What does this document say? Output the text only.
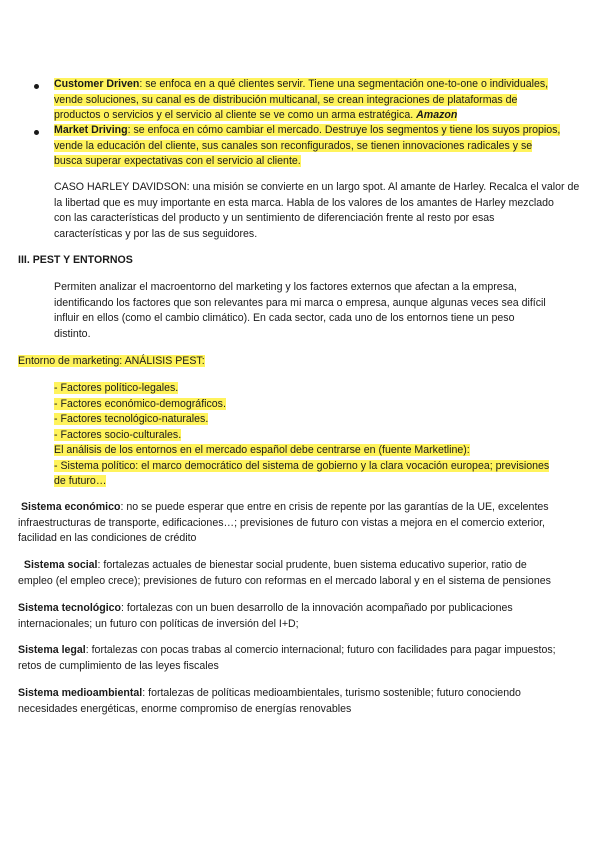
Customer Driven: se enfoca en a qué clientes servir. Tiene una segmentación one-to-one o individuales,
vende soluciones, su canal es de distribución multicanal, se crean integraciones de plataformas de
productos o servicios y el servicio al cliente se ve como un arma estratégica. Amazon
Market Driving: se enfoca en cómo cambiar el mercado. Destruye los segmentos y tiene los suyos propios,
vende la educación del cliente, sus canales son reconfigurados, se tienen innovaciones radicales y se
busca superar expectativas con el servicio al cliente.
CASO HARLEY DAVIDSON: una misión se convierte en un largo spot. Al amante de Harley. Recalca el valor de
la libertad que es muy importante en esta marca. Habla de los valores de los amantes de Harley mezclado
con las características del producto y un sentimiento de diferenciación frente al resto por esas
características y por las de sus seguidores.
III. PEST Y ENTORNOS
Permiten analizar el macroentorno del marketing y los factores externos que afectan a la empresa,
identificando los factores que son relevantes para mi marca o empresa, aunque algunas veces sea difícil
influir en ellos (como el cambio climático). En cada sector, cada uno de los entornos tiene un peso
distinto.
Entorno de marketing: ANÁLISIS PEST:
- Factores político-legales.
- Factores económico-demográficos.
- Factores tecnológico-naturales.
- Factores socio-culturales.
El análisis de los entornos en el mercado español debe centrarse en (fuente Marketline):
- Sistema político: el marco democrático del sistema de gobierno y la clara vocación europea; previsiones
de futuro…
Sistema económico: no se puede esperar que entre en crisis de repente por las garantías de la UE, excelentes
infraestructuras de transporte, edificaciones…; previsiones de futuro con vistas a mejora en el comercio exterior,
facilidad en las condiciones de crédito
Sistema social: fortalezas actuales de bienestar social prudente, buen sistema educativo superior, ratio de
empleo (el empleo crece); previsiones de futuro con reformas en el mercado laboral y en el sistema de pensiones
Sistema tecnológico: fortalezas con un buen desarrollo de la innovación acompañado por publicaciones
internacionales; un futuro con políticas de inversión del I+D;
Sistema legal: fortalezas con pocas trabas al comercio internacional; futuro con facilidades para pagar impuestos;
retos de cumplimiento de las leyes fiscales
Sistema medioambiental: fortalezas de políticas medioambientales, turismo sostenible; futuro conociendo
necesidades energéticas, enorme compromiso de energías renovables
